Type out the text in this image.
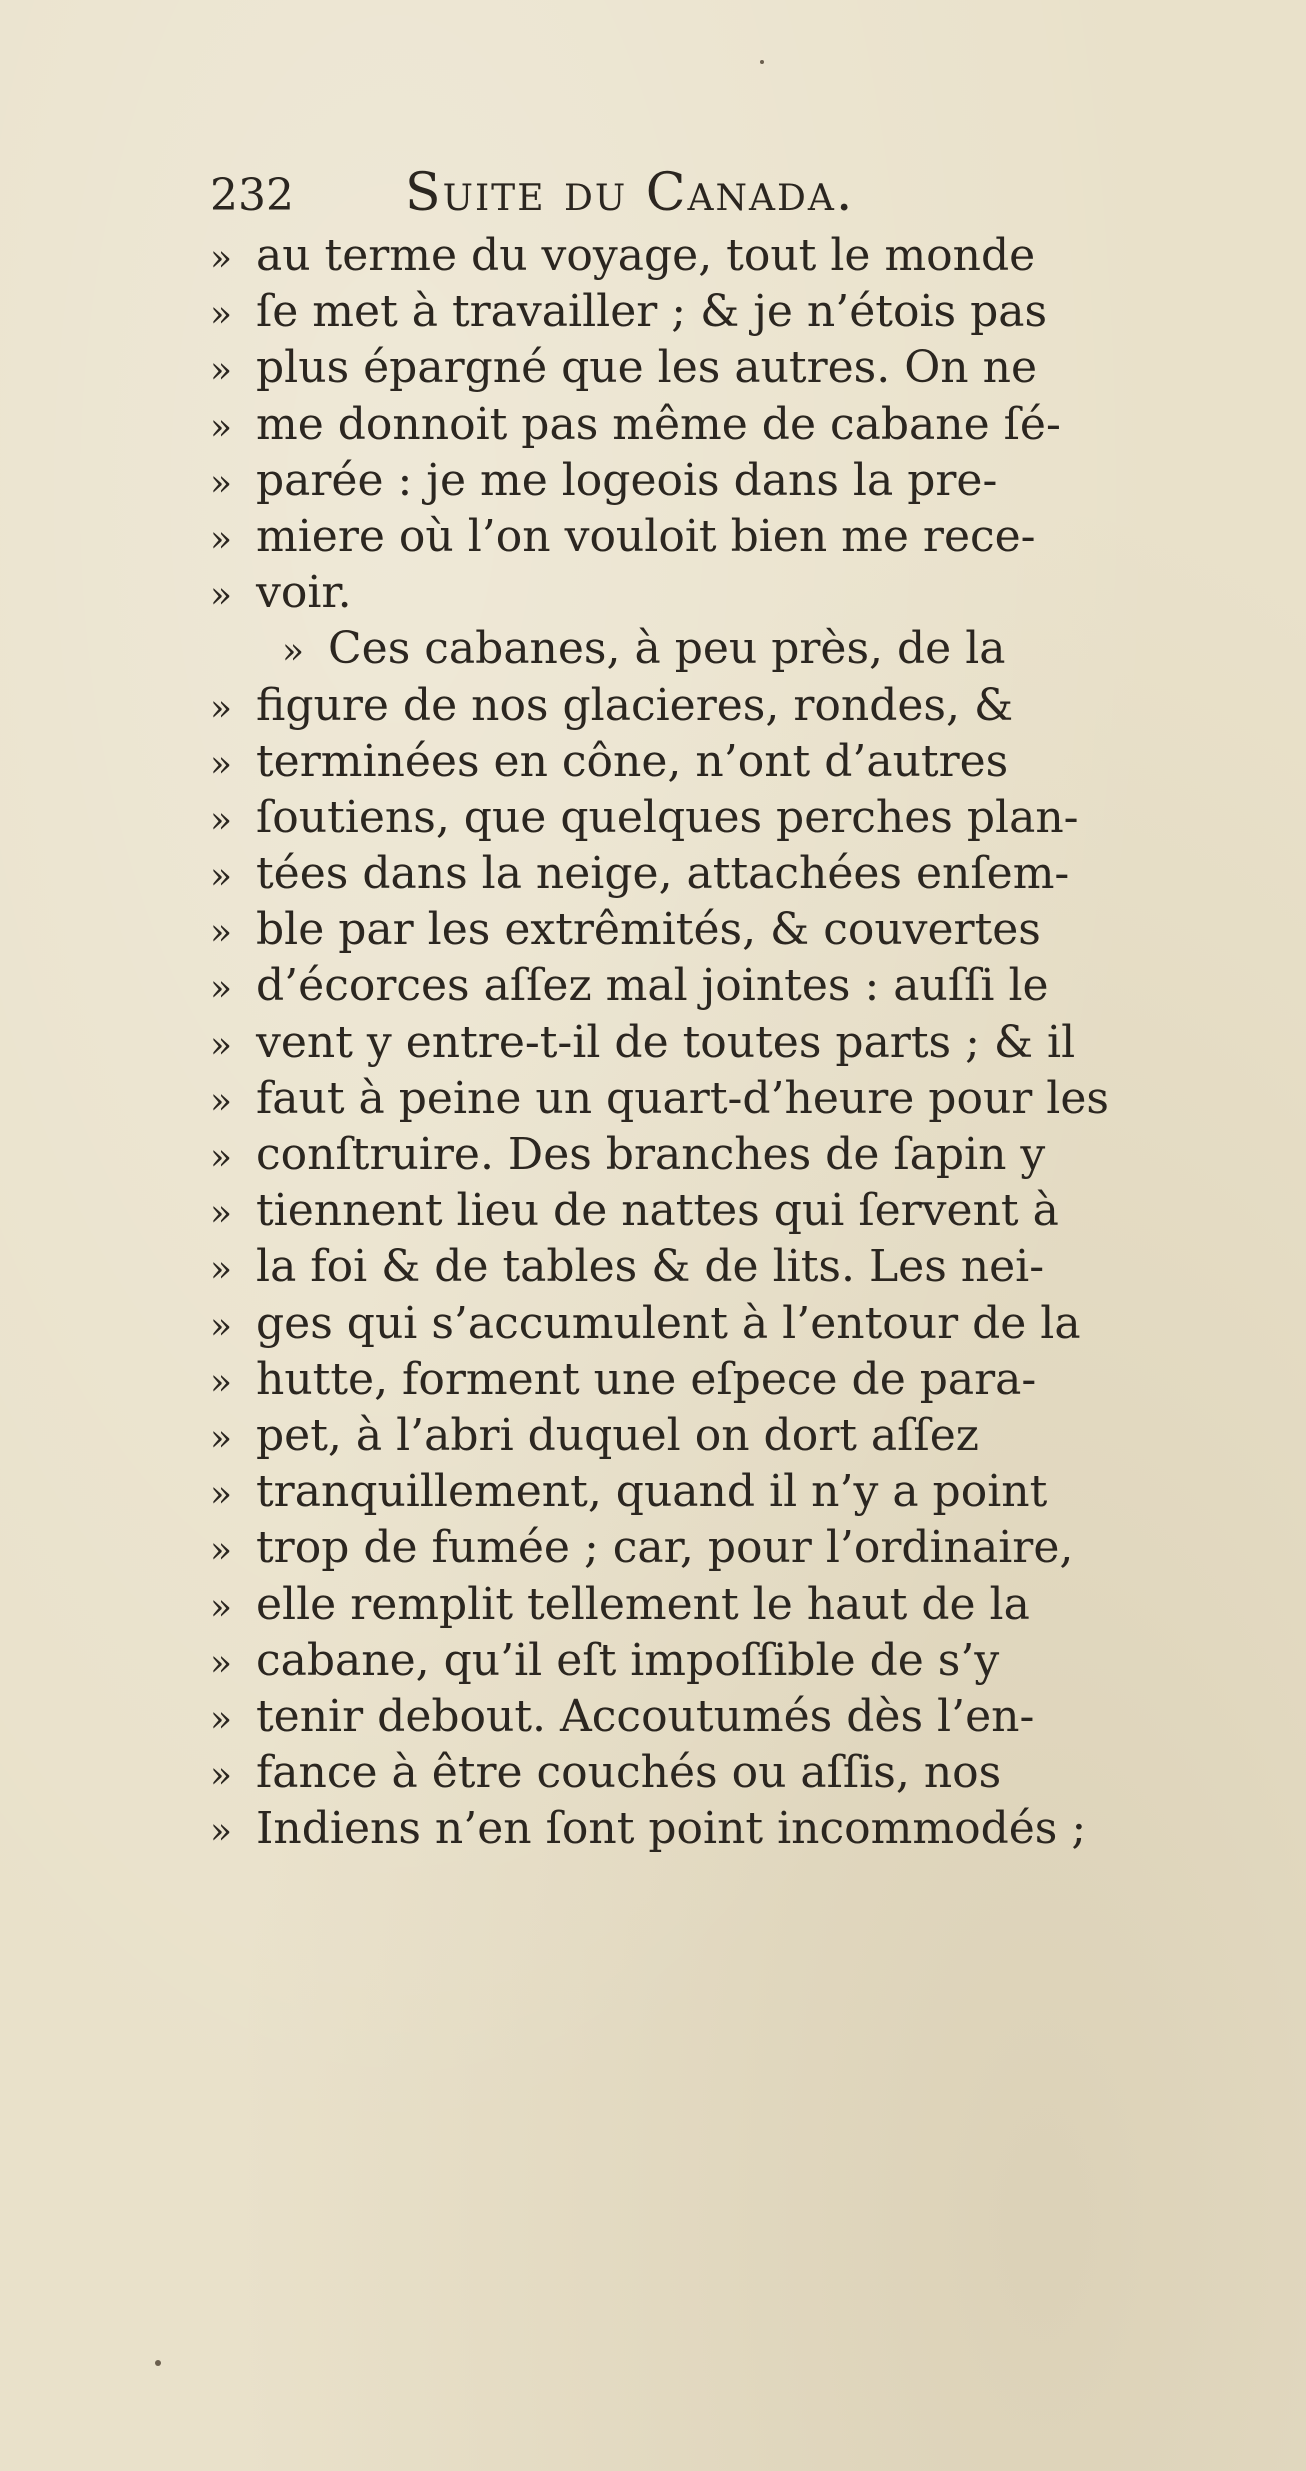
232 Suite du Canada.
» au terme du voyage, tout le monde
» ſe met à travailler ; & je n’étois pas
» plus épargné que les autres. On ne
» me donnoit pas même de cabane ſé-
» parée : je me logeois dans la pre-
» miere où l’on vouloit bien me rece-
» voir.
» Ces cabanes, à peu près, de la
» figure de nos glacieres, rondes, &
» terminées en cône, n’ont d’autres
» ſoutiens, que quelques perches plan-
» tées dans la neige, attachées enſem-
» ble par les extrêmités, & couvertes
» d’écorces aſſez mal jointes : auſſi le
» vent y entre-t-il de toutes parts ; & il
» faut à peine un quart-d’heure pour les
» conſtruire. Des branches de ſapin y
» tiennent lieu de nattes qui ſervent à
» la foi & de tables & de lits. Les nei-
» ges qui s’accumulent à l’entour de la
» hutte, forment une eſpece de para-
» pet, à l’abri duquel on dort aſſez
» tranquillement, quand il n’y a point
» trop de fumée ; car, pour l’ordinaire,
» elle remplit tellement le haut de la
» cabane, qu’il eſt impoſſible de s’y
» tenir debout. Accoutumés dès l’en-
» fance à être couchés ou aſſis, nos
» Indiens n’en ſont point incommodés ;
